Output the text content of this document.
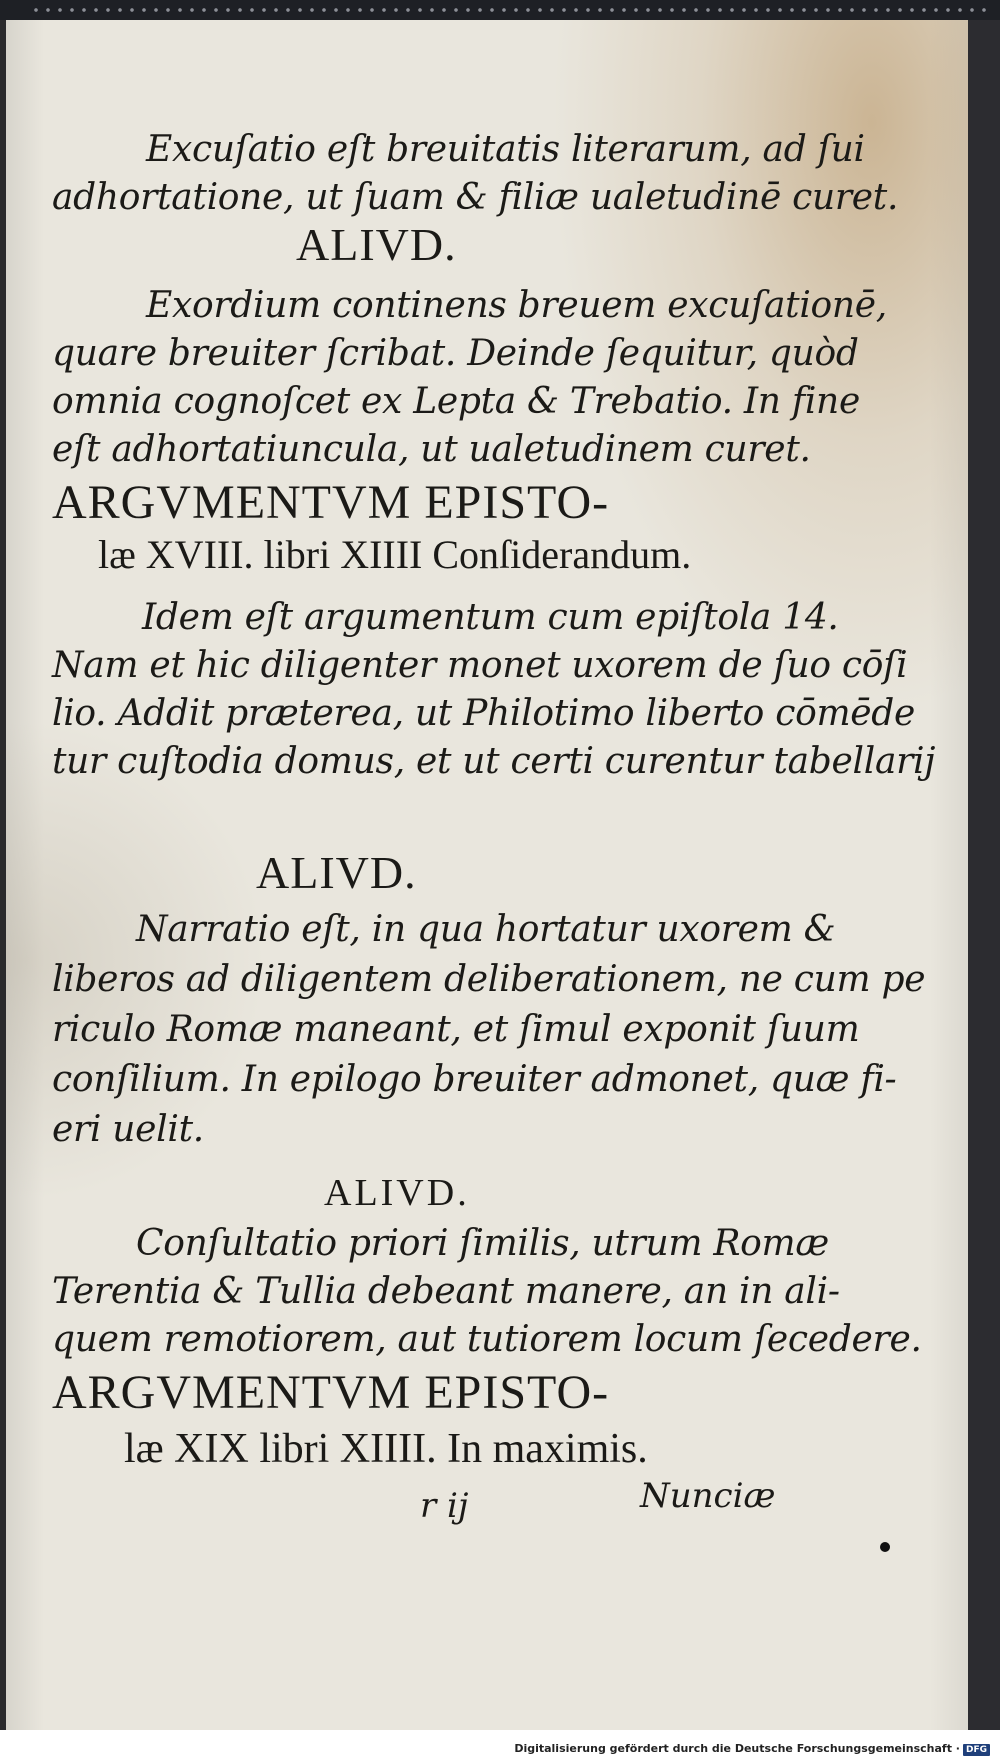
Excuſatio eſt breuitatis literarum, ad ſui
adhortatione, ut ſuam & filiæ ualetudinē curet.
ALIVD.
Exordium continens breuem excuſationē,
quare breuiter ſcribat. Deinde ſequitur, quòd
omnia cognoſcet ex Lepta & Trebatio. In fine
eſt adhortatiuncula, ut ualetudinem curet.
ARGVMENTVM EPISTO-
læ XVIII. libri XIIII Conſiderandum.
Idem eſt argumentum cum epiſtola 14.
Nam et hic diligenter monet uxorem de ſuo cōſi
lio. Addit præterea, ut Philotimo liberto cōmēde
tur cuſtodia domus, et ut certi curentur tabellarij
ALIVD.
Narratio eſt, in qua hortatur uxorem &
liberos ad diligentem deliberationem, ne cum pe
riculo Romæ maneant, et ſimul exponit ſuum
conſilium. In epilogo breuiter admonet, quæ fi-
eri uelit.
ALIVD.
Conſultatio priori ſimilis, utrum Romæ
Terentia & Tullia debeant manere, an in ali-
quem remotiorem, aut tutiorem locum ſecedere.
ARGVMENTVM EPISTO-
læ XIX libri XIIII. In maximis.
r ij	Nunciæ
Digitalisierung gefördert durch die Deutsche Forschungsgemeinschaft · DFG
